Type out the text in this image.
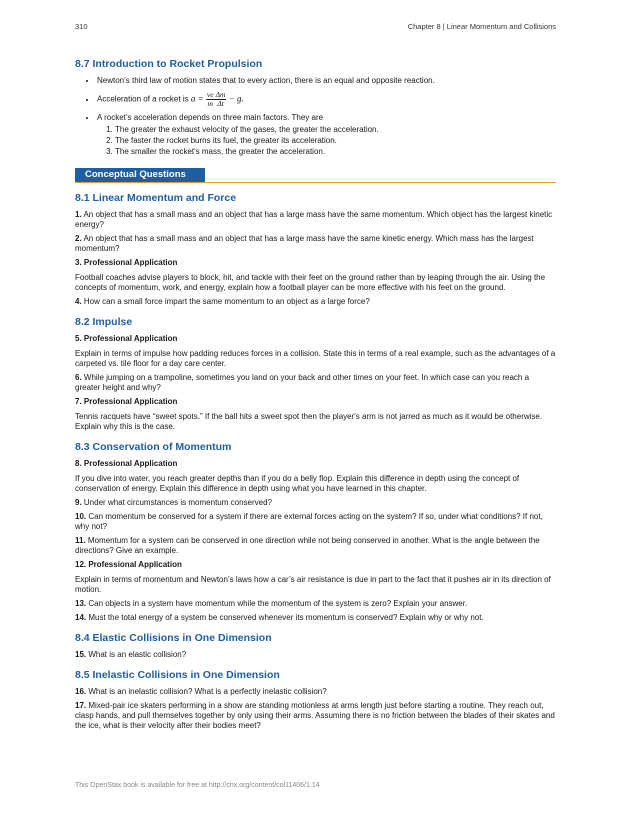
310	Chapter 8 | Linear Momentum and Collisions
8.7 Introduction to Rocket Propulsion
• Newton’s third law of motion states that to every action, there is an equal and opposite reaction.
• Acceleration of a rocket is $a = \frac{ve}{m} \frac{\Delta m}{\Delta t} - g$.
• A rocket’s acceleration depends on three main factors. They are
1. The greater the exhaust velocity of the gases, the greater the acceleration.
2. The faster the rocket burns its fuel, the greater its acceleration.
3. The smaller the rocket's mass, the greater the acceleration.
Conceptual Questions
8.1 Linear Momentum and Force

1. An object that has a small mass and an object that has a large mass have the same momentum. Which object has the largest kinetic energy?

2. An object that has a small mass and an object that has a large mass have the same kinetic energy. Which mass has the largest momentum?

3. Professional Application

Football coaches advise players to block, hit, and tackle with their feet on the ground rather than by leaping through the air. Using the concepts of momentum, work, and energy, explain how a football player can be more effective with his feet on the ground.

4. How can a small force impart the same momentum to an object as a large force?

8.2 Impulse

5. Professional Application

Explain in terms of impulse how padding reduces forces in a collision. State this in terms of a real example, such as the advantages of a carpeted vs. tile floor for a day care center.

6. While jumping on a trampoline, sometimes you land on your back and other times on your feet. In which case can you reach a greater height and why?

7. Professional Application

Tennis racquets have “sweet spots.” If the ball hits a sweet spot then the player's arm is not jarred as much as it would be otherwise. Explain why this is the case.

8.3 Conservation of Momentum

8. Professional Application

If you dive into water, you reach greater depths than if you do a belly flop. Explain this difference in depth using the concept of conservation of energy. Explain this difference in depth using what you have learned in this chapter.

9. Under what circumstances is momentum conserved?

10. Can momentum be conserved for a system if there are external forces acting on the system? If so, under what conditions? If not, why not?

11. Momentum for a system can be conserved in one direction while not being conserved in another. What is the angle between the directions? Give an example.

12. Professional Application

Explain in terms of momentum and Newton’s laws how a car’s air resistance is due in part to the fact that it pushes air in its direction of motion.

13. Can objects in a system have momentum while the momentum of the system is zero? Explain your answer.

14. Must the total energy of a system be conserved whenever its momentum is conserved? Explain why or why not.

8.4 Elastic Collisions in One Dimension

15. What is an elastic collision?

8.5 Inelastic Collisions in One Dimension

16. What is an inelastic collision? What is a perfectly inelastic collision?

17. Mixed-pair ice skaters performing in a show are standing motionless at arms length just before starting a routine. They reach out, clasp hands, and pull themselves together by only using their arms. Assuming there is no friction between the blades of their skates and the ice, what is their velocity after their bodies meet?

This OpenStax book is available for free at http://cnx.org/content/col11406/1.14
